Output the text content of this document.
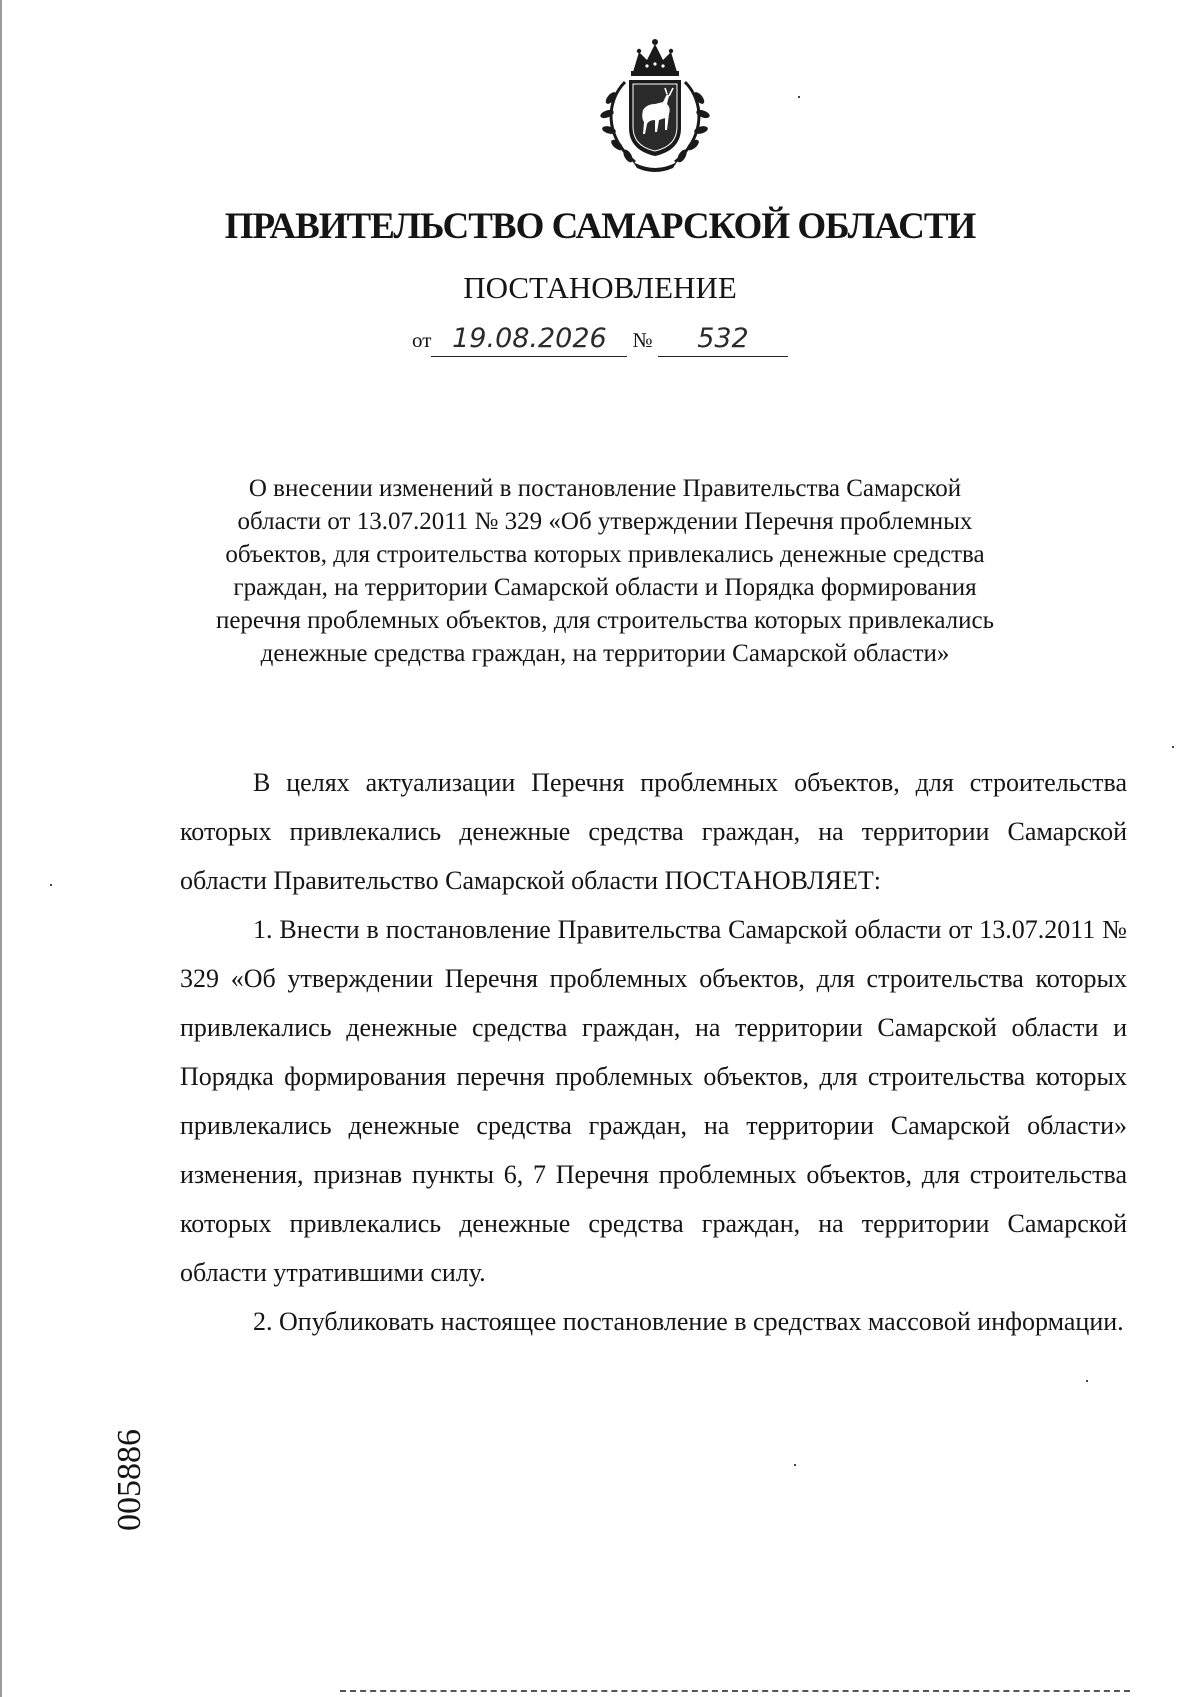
ПРАВИТЕЛЬСТВО САМАРСКОЙ ОБЛАСТИ
ПОСТАНОВЛЕНИЕ
от 19.08.2026 № 532
О внесении изменений в постановление Правительства Самарской
области от 13.07.2011 № 329 «Об утверждении Перечня проблемных
объектов, для строительства которых привлекались денежные средства
граждан, на территории Самарской области и Порядка формирования
перечня проблемных объектов, для строительства которых привлекались
денежные средства граждан, на территории Самарской области»

В целях актуализации Перечня проблемных объектов, для строительства которых привлекались денежные средства граждан, на территории Самарской области Правительство Самарской области ПОСТАНОВЛЯЕТ:

1. Внести в постановление Правительства Самарской области от 13.07.2011 № 329 «Об утверждении Перечня проблемных объектов, для строительства которых привлекались денежные средства граждан, на территории Самарской области и Порядка формирования перечня проблемных объектов, для строительства которых привлекались денежные средства граждан, на территории Самарской области» изменения, признав пункты 6, 7 Перечня проблемных объектов, для строительства которых привлекались денежные средства граждан, на территории Самарской области утратившими силу.

2. Опубликовать настоящее постановление в средствах массовой информации.

005886
